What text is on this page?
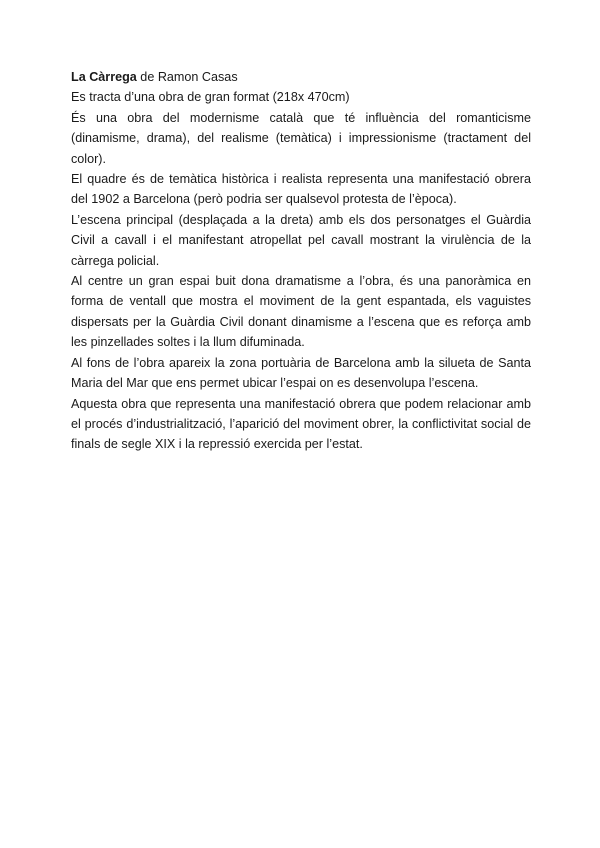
La Càrrega de Ramon Casas

Es tracta d’una obra de gran format (218x 470cm)

És una obra del modernisme català que té influència del romanticisme (dinamisme, drama), del realisme (temàtica) i impressionisme (tractament del color).

El quadre és de temàtica històrica i realista representa una manifestació obrera del 1902 a Barcelona (però podria ser qualsevol protesta de l’època).

L’escena principal (desplaçada a la dreta) amb els dos personatges el Guàrdia Civil a cavall i el manifestant atropellat pel cavall mostrant la virulència de la càrrega policial.

Al centre un gran espai buit dona dramatisme a l’obra, és una panoràmica en forma de ventall que mostra el moviment de la gent espantada, els vaguistes dispersats per la Guàrdia Civil donant dinamisme a l’escena que es reforça amb les pinzellades soltes i la llum difuminada.

Al fons de l’obra apareix la zona portuària de Barcelona amb la silueta de Santa Maria del Mar que ens permet ubicar l’espai on es desenvolupa l’escena.

Aquesta obra que representa una manifestació obrera que podem relacionar amb el procés d’industrialització, l’aparició del moviment obrer, la conflictivitat social de finals de segle XIX i la repressió exercida per l’estat.
